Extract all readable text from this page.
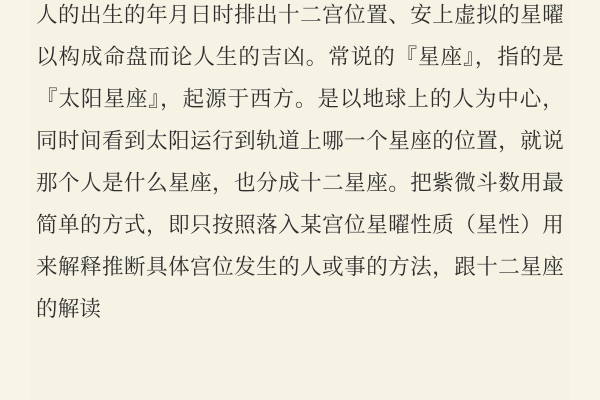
人的出生的年月日时排出十二宫位置、安上虚拟的星曜以构成命盘而论人生的吉凶。常说的『星座』，指的是『太阳星座』，起源于西方。是以地球上的人为中心，同时间看到太阳运行到轨道上哪一个星座的位置，就说那个人是什么星座，也分成十二星座。把紫微斗数用最简单的方式，即只按照落入某宫位星曜性质（星性）用来解释推断具体宫位发生的人或事的方法，跟十二星座的解读
